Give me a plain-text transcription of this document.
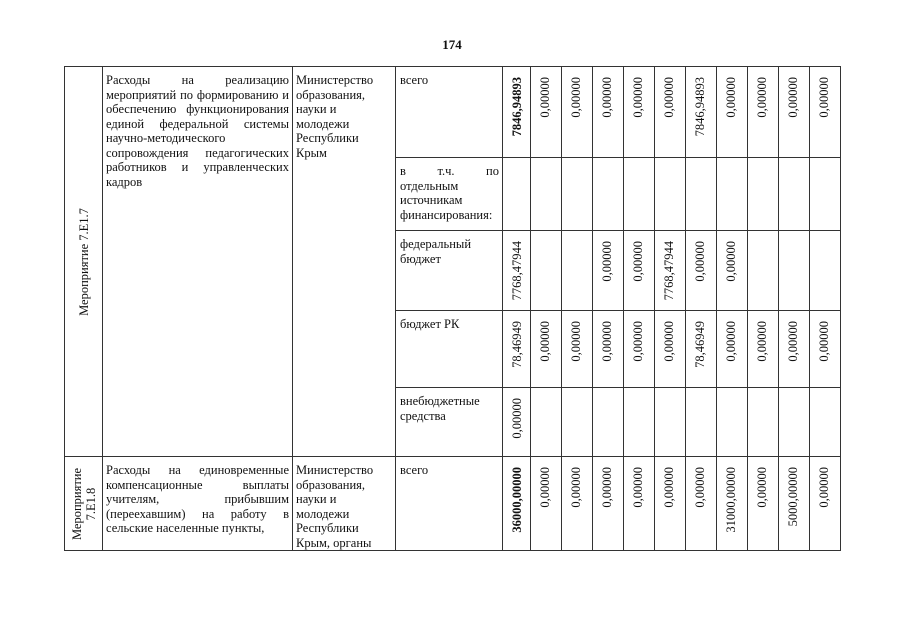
174
Мероприятие 7.Е1.7	Расходы на реализацию мероприятий по формированию и обеспечению функционирования единой федеральной системы научно-методического сопровождения педагогических работников и управленческих кадров	Министерство образования, науки и молодежи Республики Крым	всего	7846,94893	0,00000	0,00000	0,00000	0,00000	0,00000	7846,94893	0,00000	0,00000	0,00000	0,00000

			в т.ч. по отдельным источникам финансирования:											
			федеральный бюджет	7768,47944			0,00000	0,00000	7768,47944	0,00000	0,00000			

			бюджет РК	78,46949	0,00000	0,00000	0,00000	0,00000	0,00000	78,46949	0,00000	0,00000	0,00000	0,00000

			внебюджетные средства	0,00000										

Мероприятие 7.Е1.8	Расходы на единовременные компенсационные выплаты учителям, прибывшим (переехавшим) на работу в сельские населенные пункты,	Министерство образования, науки и молодежи Республики Крым, органы	всего	36000,00000	0,00000	0,00000	0,00000	0,00000	0,00000	0,00000	31000,00000	0,00000	5000,00000	0,00000
